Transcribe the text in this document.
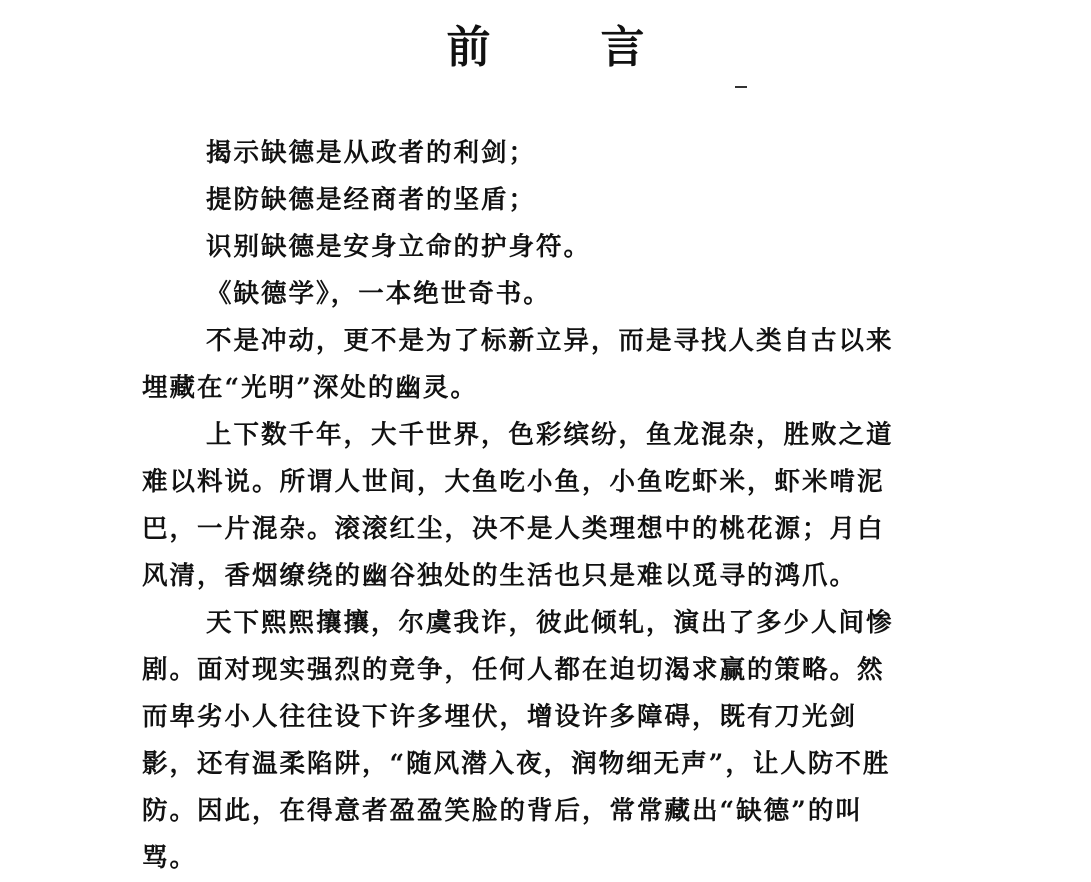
前	言
揭示缺德是从政者的利剑；
提防缺德是经商者的坚盾；
识别缺德是安身立命的护身符。
《缺德学》，一本绝世奇书。
不是冲动，更不是为了标新立异，而是寻找人类自古以来
埋藏在“光明”深处的幽灵。
上下数千年，大千世界，色彩缤纷，鱼龙混杂，胜败之道
难以料说。所谓人世间，大鱼吃小鱼，小鱼吃虾米，虾米啃泥
巴，一片混杂。滚滚红尘，决不是人类理想中的桃花源；月白
风清，香烟缭绕的幽谷独处的生活也只是难以觅寻的鸿爪。
天下熙熙攘攘，尔虞我诈，彼此倾轧，演出了多少人间惨
剧。面对现实强烈的竞争，任何人都在迫切渴求赢的策略。然
而卑劣小人往往设下许多埋伏，增设许多障碍，既有刀光剑
影，还有温柔陷阱，“随风潜入夜，润物细无声”，让人防不胜
防。因此，在得意者盈盈笑脸的背后，常常藏出“缺德”的叫
骂。
